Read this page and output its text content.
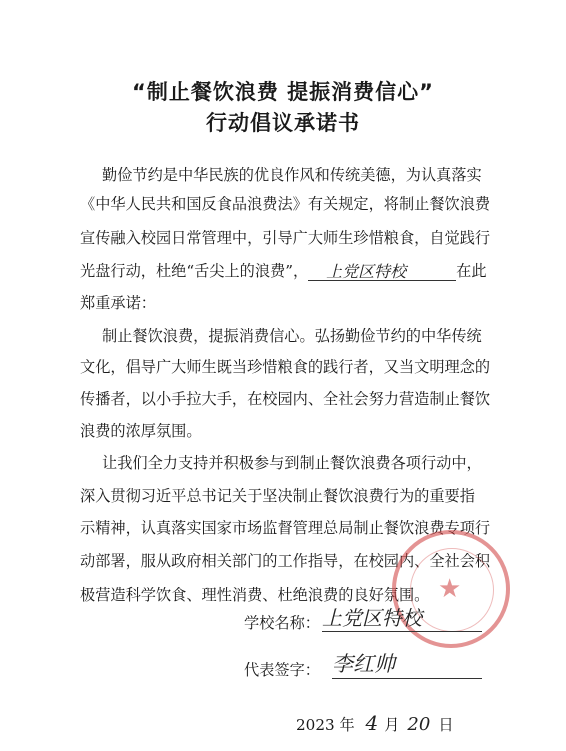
“制止餐饮浪费 提振消费信心”
行动倡议承诺书
勤俭节约是中华民族的优良作风和传统美德，为认真落实
《中华人民共和国反食品浪费法》有关规定，将制止餐饮浪费
宣传融入校园日常管理中，引导广大师生珍惜粮食，自觉践行
光盘行动，杜绝“舌尖上的浪费”， 上党区特校	在此
郑重承诺：
制止餐饮浪费，提振消费信心。弘扬勤俭节约的中华传统
文化，倡导广大师生既当珍惜粮食的践行者，又当文明理念的
传播者，以小手拉大手，在校园内、全社会努力营造制止餐饮
浪费的浓厚氛围。
让我们全力支持并积极参与到制止餐饮浪费各项行动中，
深入贯彻习近平总书记关于坚决制止餐饮浪费行为的重要指
示精神，认真落实国家市场监督管理总局制止餐饮浪费专项行
动部署，服从政府相关部门的工作指导，在校园内、全社会积
极营造科学饮食、理性消费、杜绝浪费的良好氛围。 ★
学校名称： 上党区特校
代表签字： 李红帅
2023 年 4 月 20 日
